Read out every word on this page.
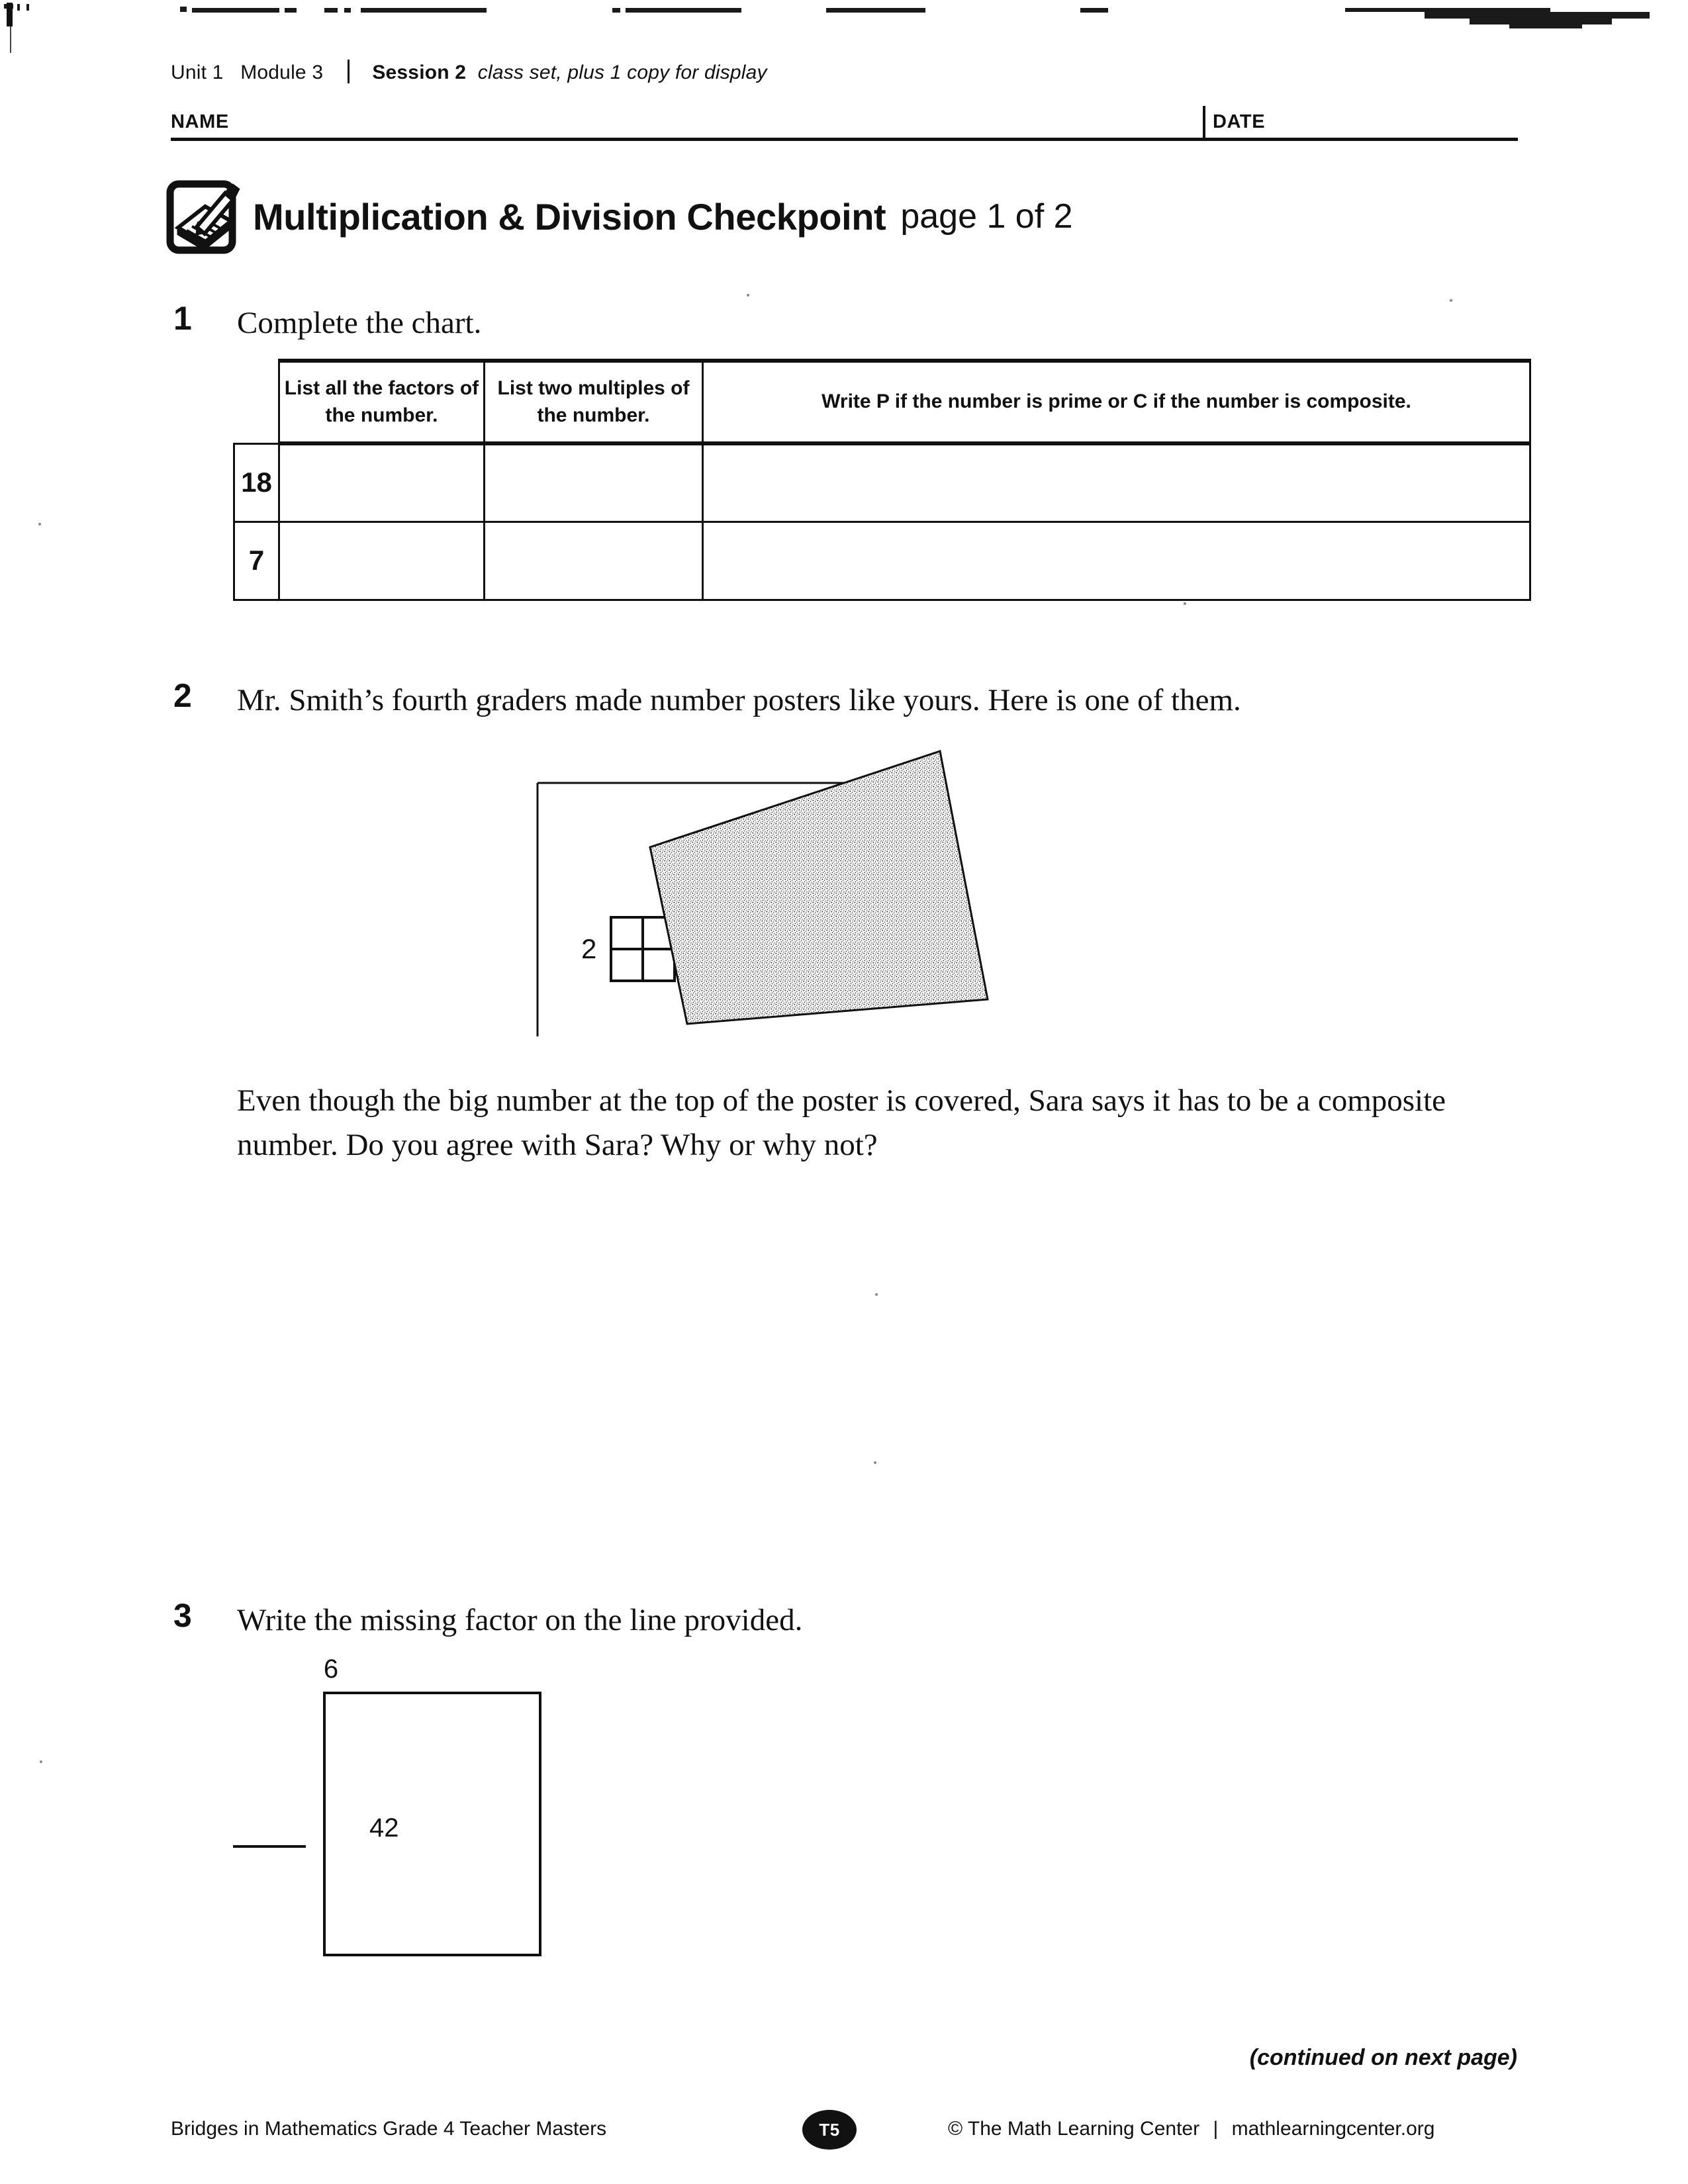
Unit 1 Module 3 Session 2 class set, plus 1 copy for display
NAME	DATE
Multiplication & Division Checkpoint page 1 of 2
1 Complete the chart.
	List all the factors of the number.	List two multiples of the number.	Write P if the number is prime or C if the number is composite.
18			
7			
2 Mr. Smith’s fourth graders made number posters like yours. Here is one of them.
2
Even though the big number at the top of the poster is covered, Sara says it has to be a composite number. Do you agree with Sara? Why or why not?
3 Write the missing factor on the line provided.
6
42
(continued on next page)
Bridges in Mathematics Grade 4 Teacher Masters	T5	© The Math Learning Center | mathlearningcenter.org
